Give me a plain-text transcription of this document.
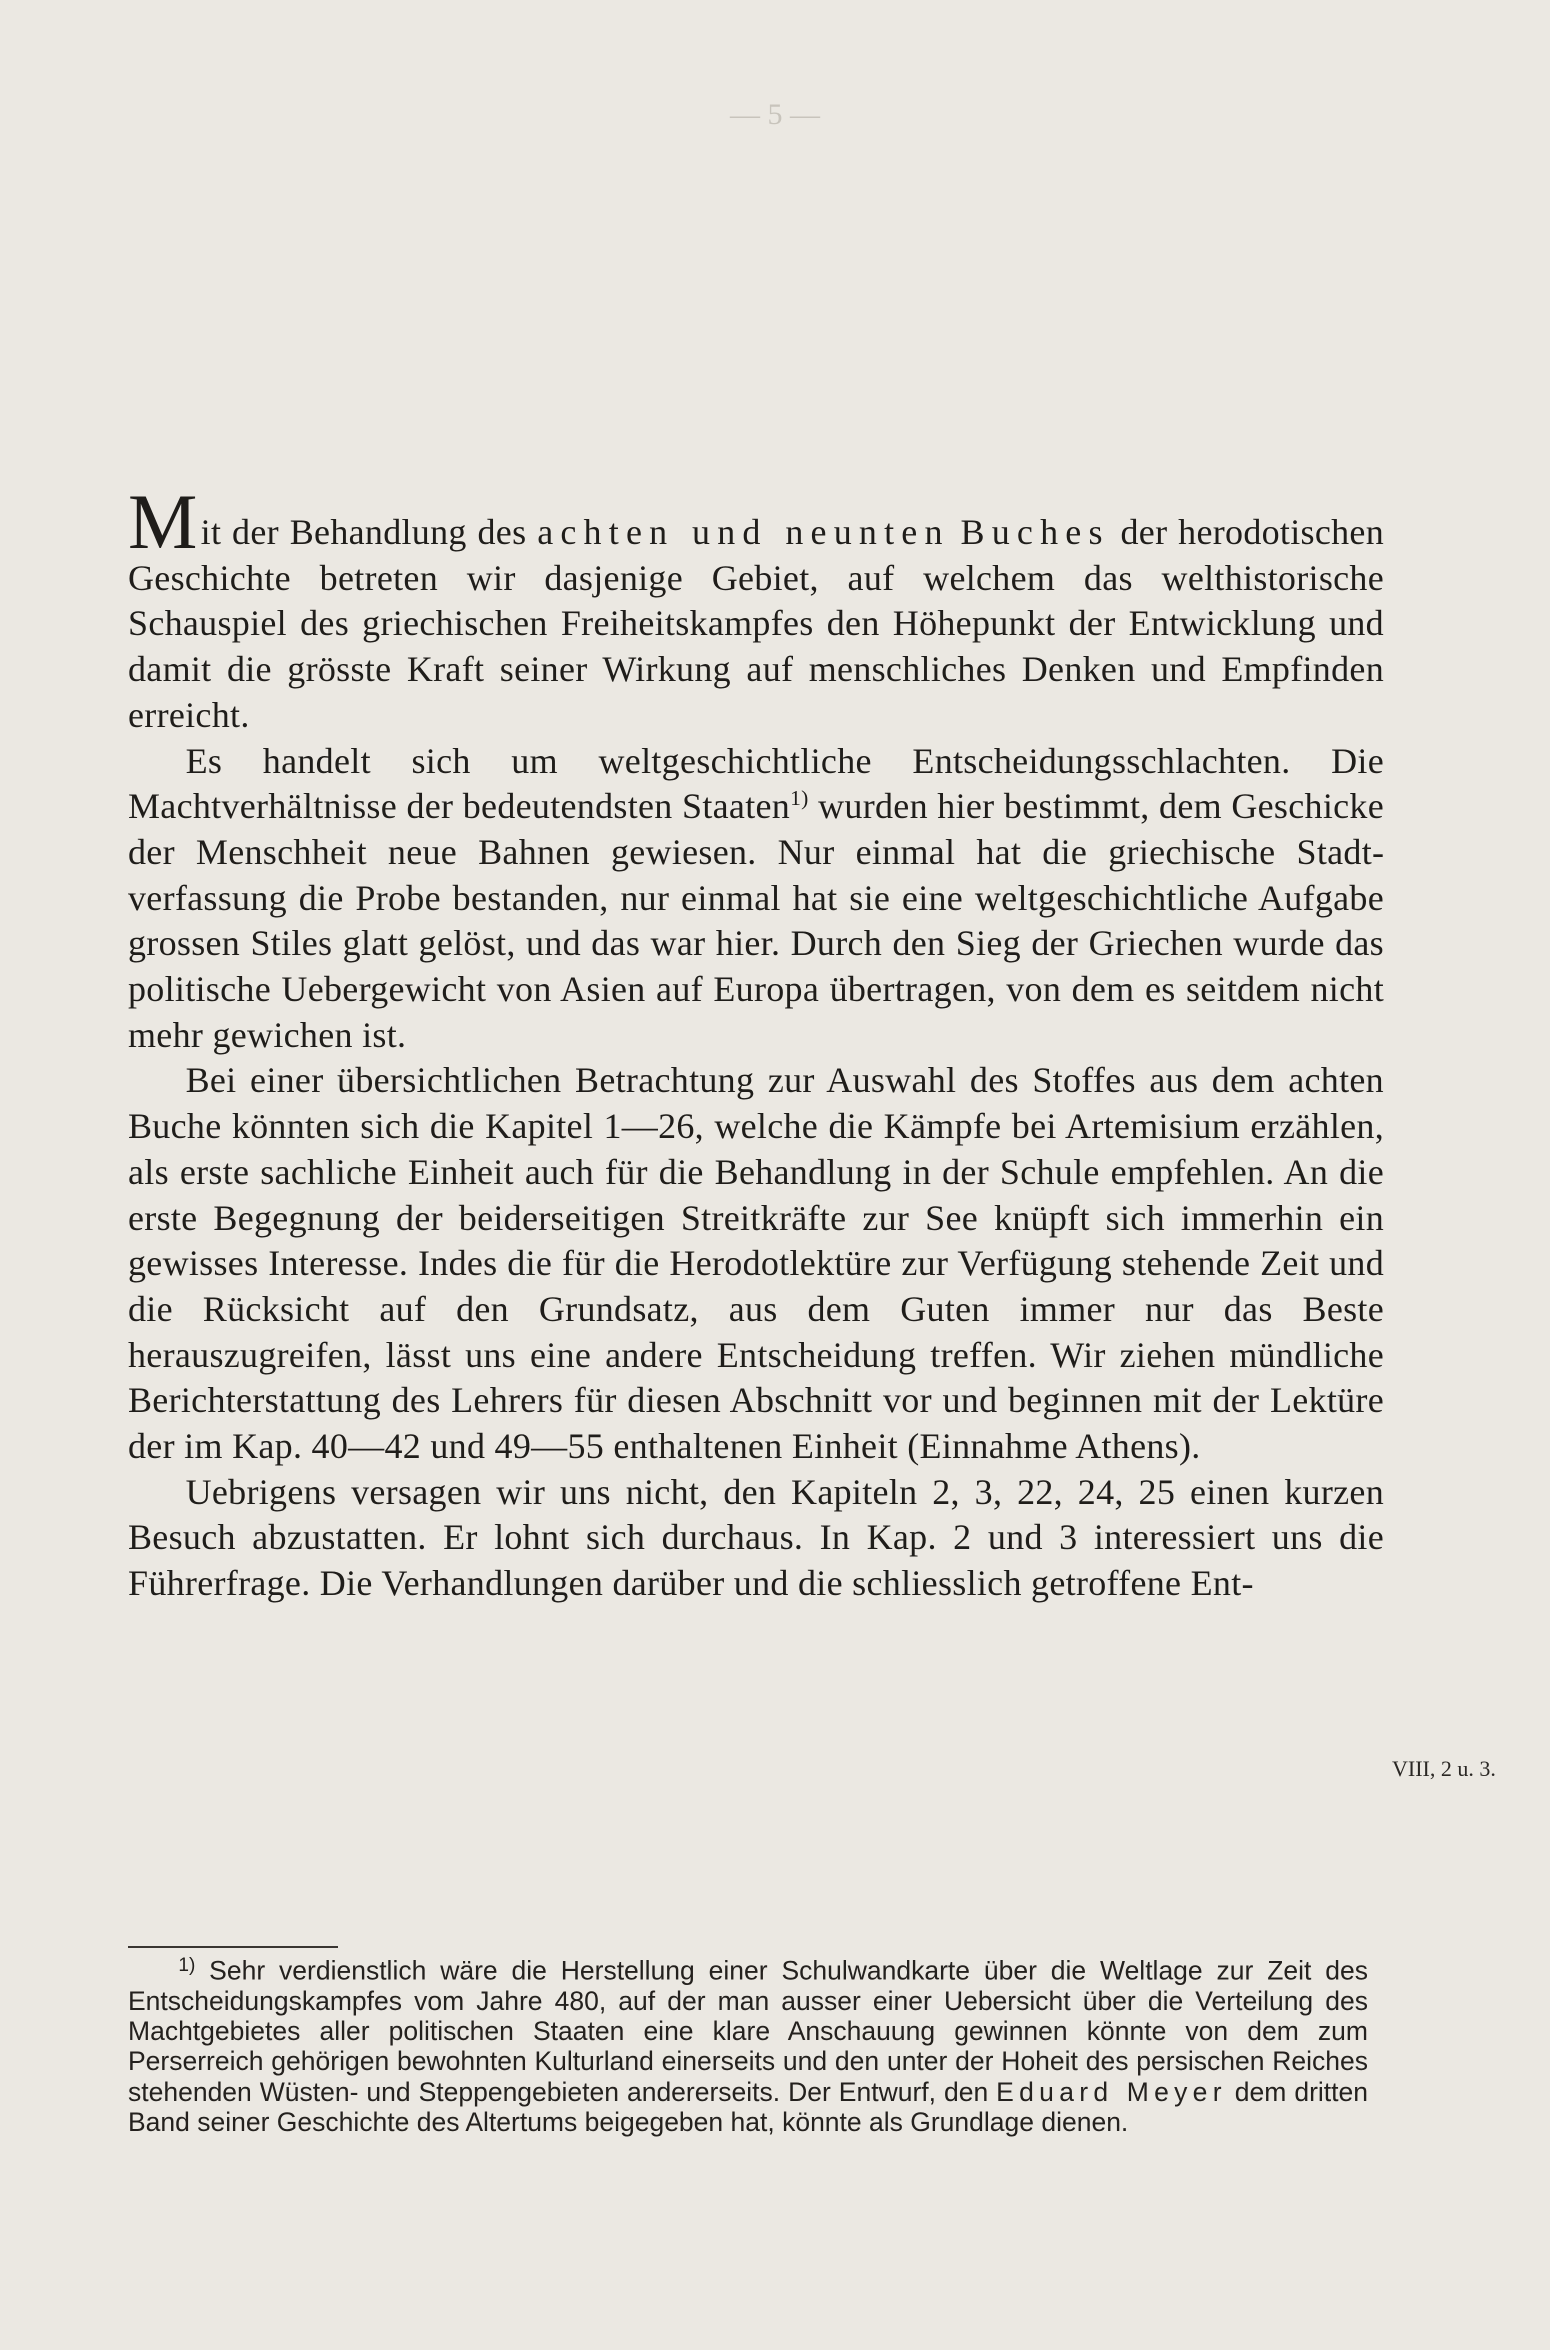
— 5 —

Mit der Behandlung des achten und neunten Buches der herodotischen Geschichte betreten wir dasjenige Gebiet, auf welchem das welthistorische Schauspiel des griechischen Freiheitskampfes den Höhepunkt der Entwicklung und damit die grösste Kraft seiner Wirkung auf menschliches Denken und Empfinden erreicht.

Es handelt sich um weltgeschichtliche Entscheidungsschlachten. Die Machtverhältnisse der bedeutendsten Staaten$^{1)}$ wurden hier bestimmt, dem Geschicke der Menschheit neue Bahnen gewiesen. Nur einmal hat die griechische Stadtverfassung die Probe bestanden, nur einmal hat sie eine weltgeschichtliche Aufgabe grossen Stiles glatt gelöst, und das war hier. Durch den Sieg der Griechen wurde das politische Uebergewicht von Asien auf Europa übertragen, von dem es seitdem nicht mehr gewichen ist.

Bei einer übersichtlichen Betrachtung zur Auswahl des Stoffes aus dem achten Buche könnten sich die Kapitel 1—26, welche die Kämpfe bei Artemisium erzählen, als erste sachliche Einheit auch für die Behandlung in der Schule empfehlen. An die erste Begegnung der beiderseitigen Streitkräfte zur See knüpft sich immerhin ein gewisses Interesse. Indes die für die Herodotlektüre zur Verfügung stehende Zeit und die Rücksicht auf den Grundsatz, aus dem Guten immer nur das Beste herauszugreifen, lässt uns eine andere Entscheidung treffen. Wir ziehen mündliche Berichterstattung des Lehrers für diesen Abschnitt vor und beginnen mit der Lektüre der im Kap. 40—42 und 49—55 enthaltenen Einheit (Einnahme Athens).

Uebrigens versagen wir uns nicht, den Kapiteln 2, 3, 22, 24, 25 einen kurzen Besuch abzustatten. Er lohnt sich durchaus. In Kap. 2 und 3 interessiert uns die Führerfrage. Die Verhandlungen darüber und die schliesslich getroffene Ent-

VIII, 2 u. 3.

$^{1)}$ Sehr verdienstlich wäre die Herstellung einer Schulwandkarte über die Weltlage zur Zeit des Entscheidungskampfes vom Jahre 480, auf der man ausser einer Uebersicht über die Verteilung des Machtgebietes aller politischen Staaten eine klare Anschauung gewinnen könnte von dem zum Perserreich gehörigen bewohnten Kulturland einerseits und den unter der Hoheit des persischen Reiches stehenden Wüsten- und Steppengebieten andererseits. Der Entwurf, den Eduard Meyer dem dritten Band seiner Geschichte des Altertums beigegeben hat, könnte als Grundlage dienen.
